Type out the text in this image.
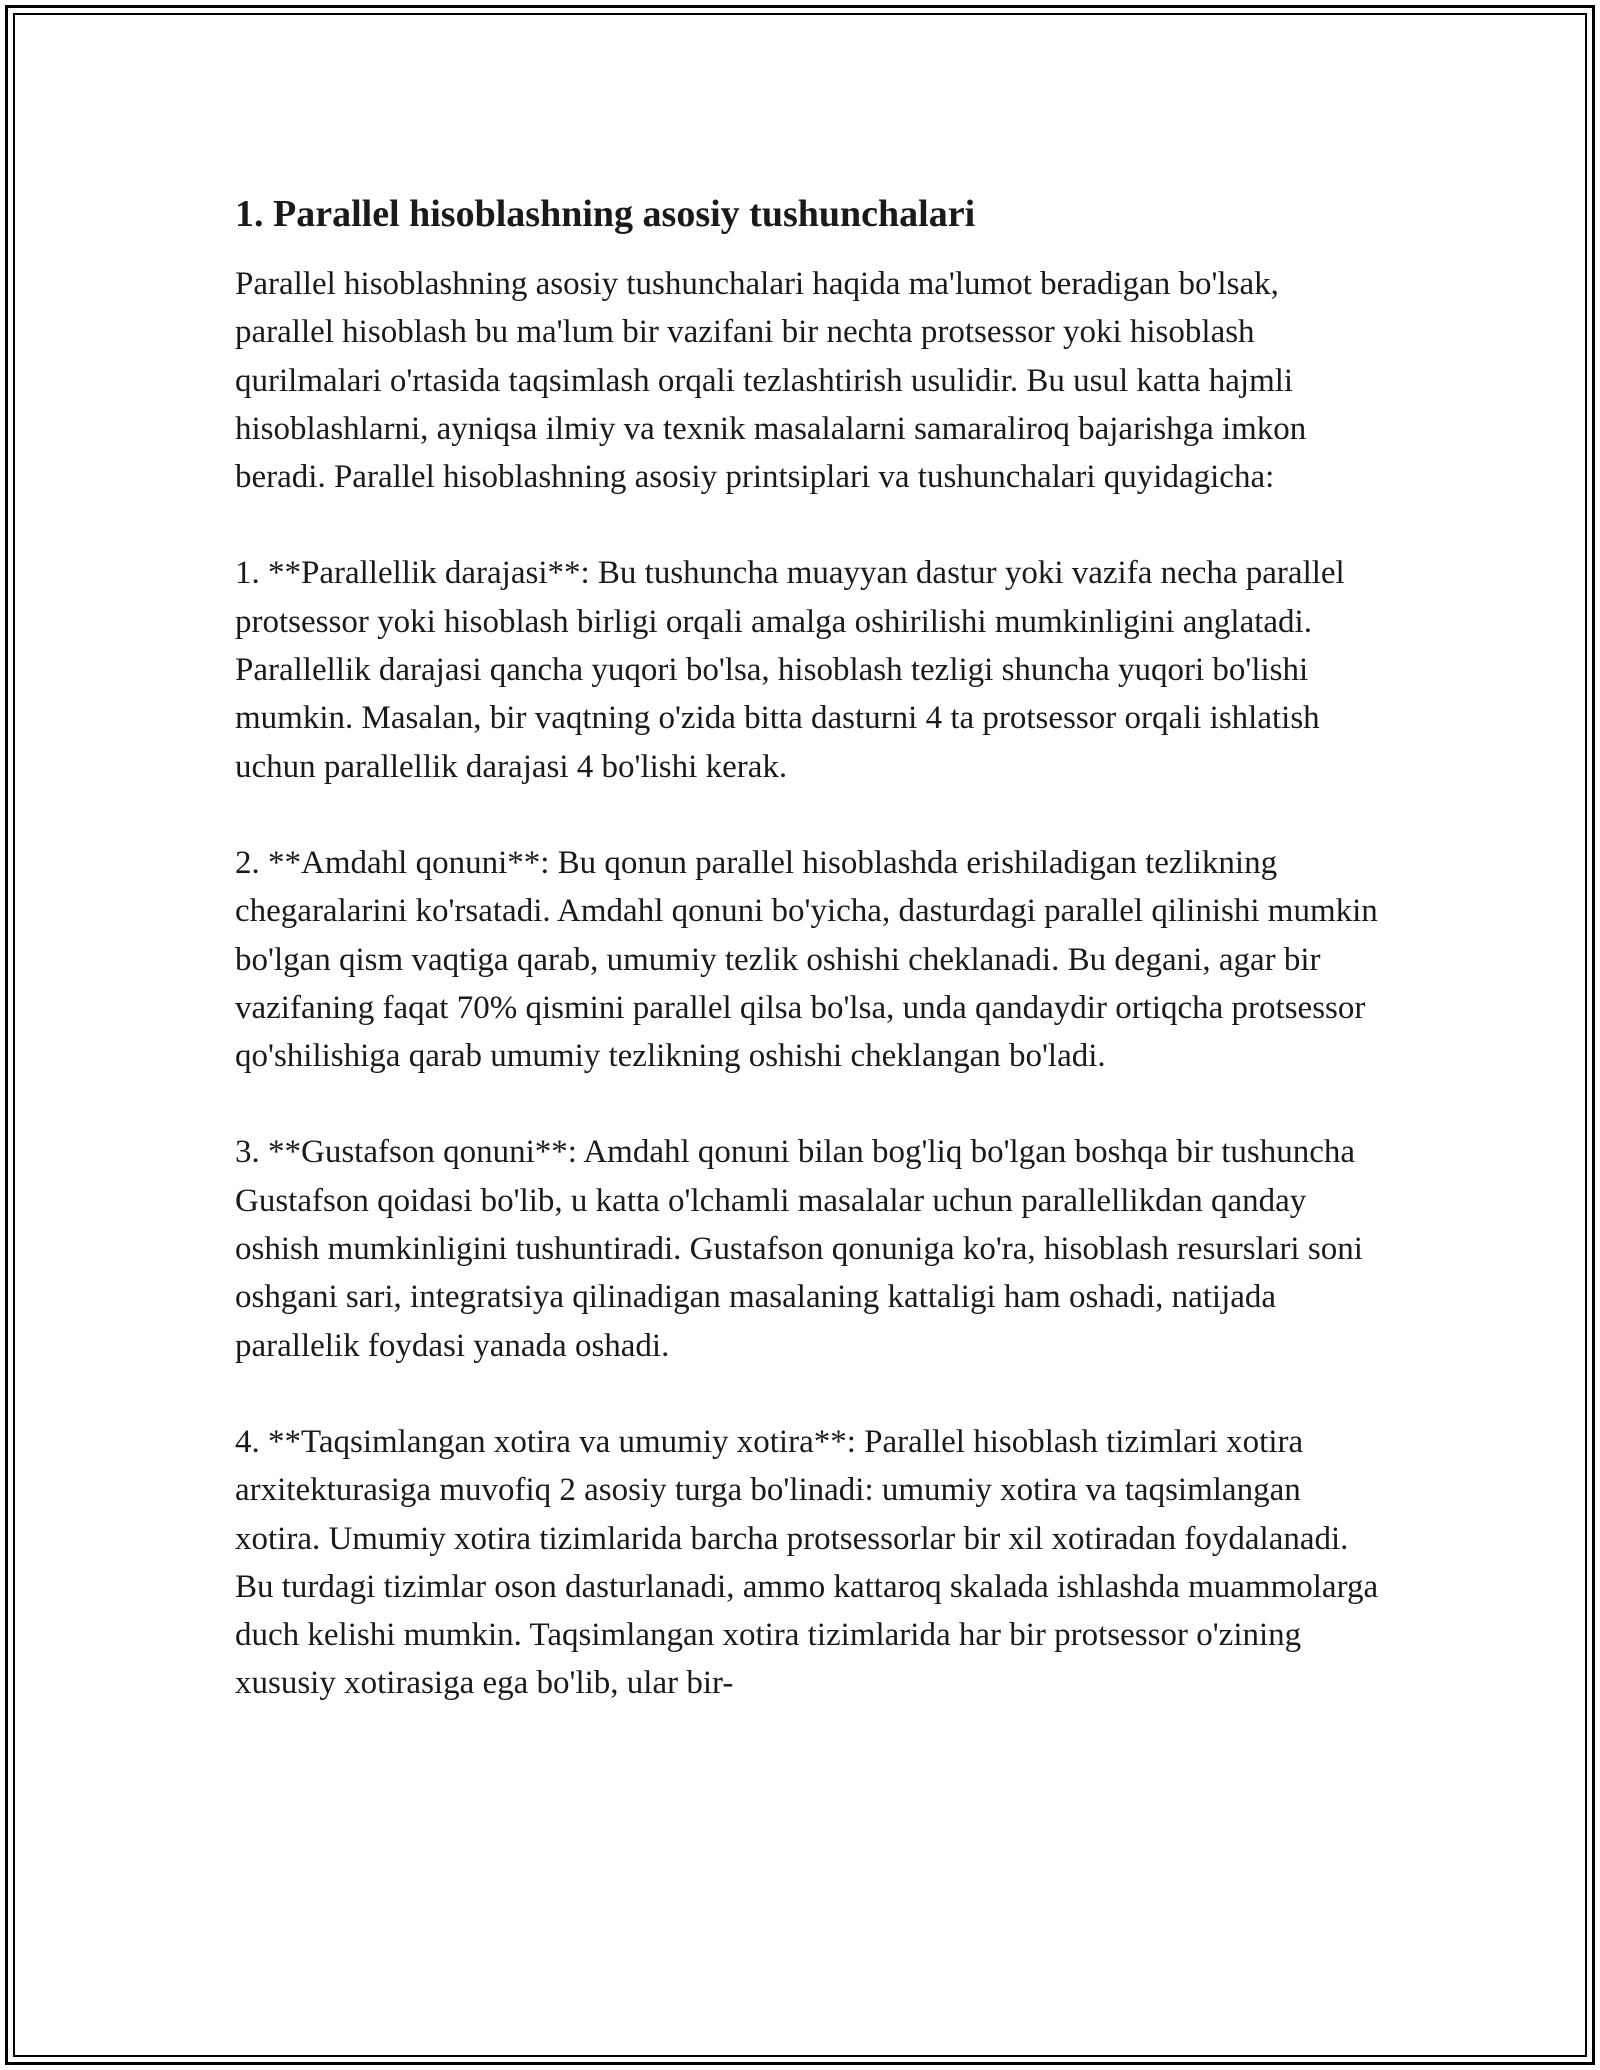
1. Parallel hisoblashning asosiy tushunchalari

Parallel hisoblashning asosiy tushunchalari haqida ma'lumot beradigan bo'lsak, parallel hisoblash bu ma'lum bir vazifani bir nechta protsessor yoki hisoblash qurilmalari o'rtasida taqsimlash orqali tezlashtirish usulidir. Bu usul katta hajmli hisoblashlarni, ayniqsa ilmiy va texnik masalalarni samaraliroq bajarishga imkon beradi. Parallel hisoblashning asosiy printsiplari va tushunchalari quyidagicha:

1. **Parallellik darajasi**: Bu tushuncha muayyan dastur yoki vazifa necha parallel protsessor yoki hisoblash birligi orqali amalga oshirilishi mumkinligini anglatadi. Parallellik darajasi qancha yuqori bo'lsa, hisoblash tezligi shuncha yuqori bo'lishi mumkin. Masalan, bir vaqtning o'zida bitta dasturni 4 ta protsessor orqali ishlatish uchun parallellik darajasi 4 bo'lishi kerak.

2. **Amdahl qonuni**: Bu qonun parallel hisoblashda erishiladigan tezlikning chegaralarini ko'rsatadi. Amdahl qonuni bo'yicha, dasturdagi parallel qilinishi mumkin bo'lgan qism vaqtiga qarab, umumiy tezlik oshishi cheklanadi. Bu degani, agar bir vazifaning faqat 70% qismini parallel qilsa bo'lsa, unda qandaydir ortiqcha protsessor qo'shilishiga qarab umumiy tezlikning oshishi cheklangan bo'ladi.

3. **Gustafson qonuni**: Amdahl qonuni bilan bog'liq bo'lgan boshqa bir tushuncha Gustafson qoidasi bo'lib, u katta o'lchamli masalalar uchun parallellikdan qanday oshish mumkinligini tushuntiradi. Gustafson qonuniga ko'ra, hisoblash resurslari soni oshgani sari, integratsiya qilinadigan masalaning kattaligi ham oshadi, natijada parallelik foydasi yanada oshadi.

4. **Taqsimlangan xotira va umumiy xotira**: Parallel hisoblash tizimlari xotira arxitekturasiga muvofiq 2 asosiy turga bo'linadi: umumiy xotira va taqsimlangan xotira. Umumiy xotira tizimlarida barcha protsessorlar bir xil xotiradan foydalanadi. Bu turdagi tizimlar oson dasturlanadi, ammo kattaroq skalada ishlashda muammolarga duch kelishi mumkin. Taqsimlangan xotira tizimlarida har bir protsessor o'zining xususiy xotirasiga ega bo'lib, ular bir-
